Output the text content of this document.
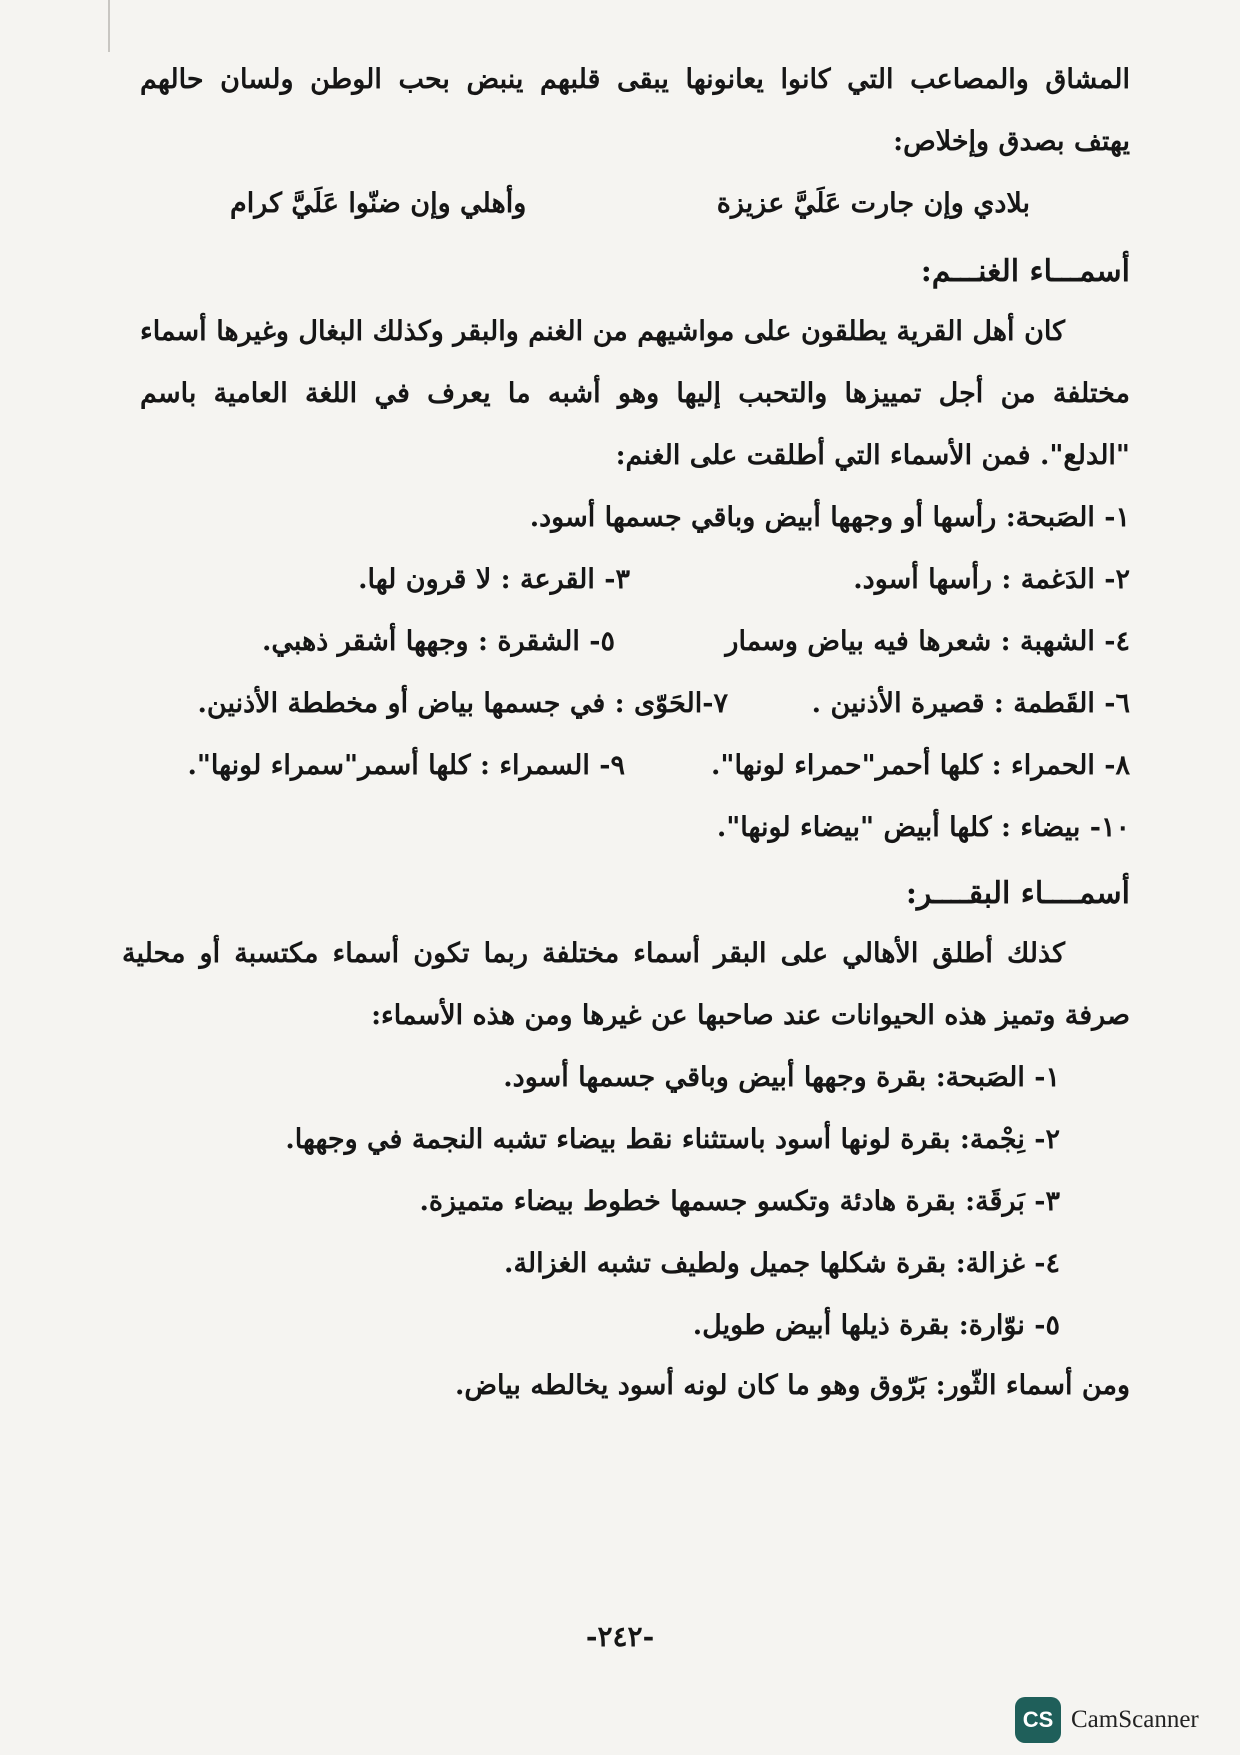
المشاق والمصاعب التي كانوا يعانونها يبقى قلبهم ينبض بحب الوطن ولسان حالهم
يهتف بصدق وإخلاص:
بلادي وإن جارت عَلَيَّ عزيزة
وأهلي وإن ضنّوا عَلَيَّ كرام
أسمـــاء الغنـــم:
كان أهل القرية يطلقون على مواشيهم من الغنم والبقر وكذلك البغال وغيرها أسماء
مختلفة من أجل تمييزها والتحبب إليها وهو أشبه ما يعرف في اللغة العامية باسم
"الدلع". فمن الأسماء التي أطلقت على الغنم:
١- الصَبحة: رأسها أو وجهها أبيض وباقي جسمها أسود.
٢- الدَغمة : رأسها أسود.
٣- القرعة : لا قرون لها.
٤- الشهبة : شعرها فيه بياض وسمار
٥- الشقرة : وجهها أشقر ذهبي.
٦- القَطمة : قصيرة الأذنين .
٧-الحَوّى : في جسمها بياض أو مخططة الأذنين.
٨- الحمراء : كلها أحمر"حمراء لونها".
٩- السمراء : كلها أسمر"سمراء لونها".
١٠- بيضاء : كلها أبيض "بيضاء لونها".
أسمــــاء البقــــر:
كذلك أطلق الأهالي على البقر أسماء مختلفة ربما تكون أسماء مكتسبة أو محلية
صرفة وتميز هذه الحيوانات عند صاحبها عن غيرها ومن هذه الأسماء:
١- الصَبحة: بقرة وجهها أبيض وباقي جسمها أسود.
٢- نِجْمة: بقرة لونها أسود باستثناء نقط بيضاء تشبه النجمة في وجهها.
٣- بَرقَة: بقرة هادئة وتكسو جسمها خطوط بيضاء متميزة.
٤- غزالة: بقرة شكلها جميل ولطيف تشبه الغزالة.
٥- نوّارة: بقرة ذيلها أبيض طويل.
ومن أسماء الثّور: بَرّوق وهو ما كان لونه أسود يخالطه بياض.
-٢٤٢-
CS CamScanner
